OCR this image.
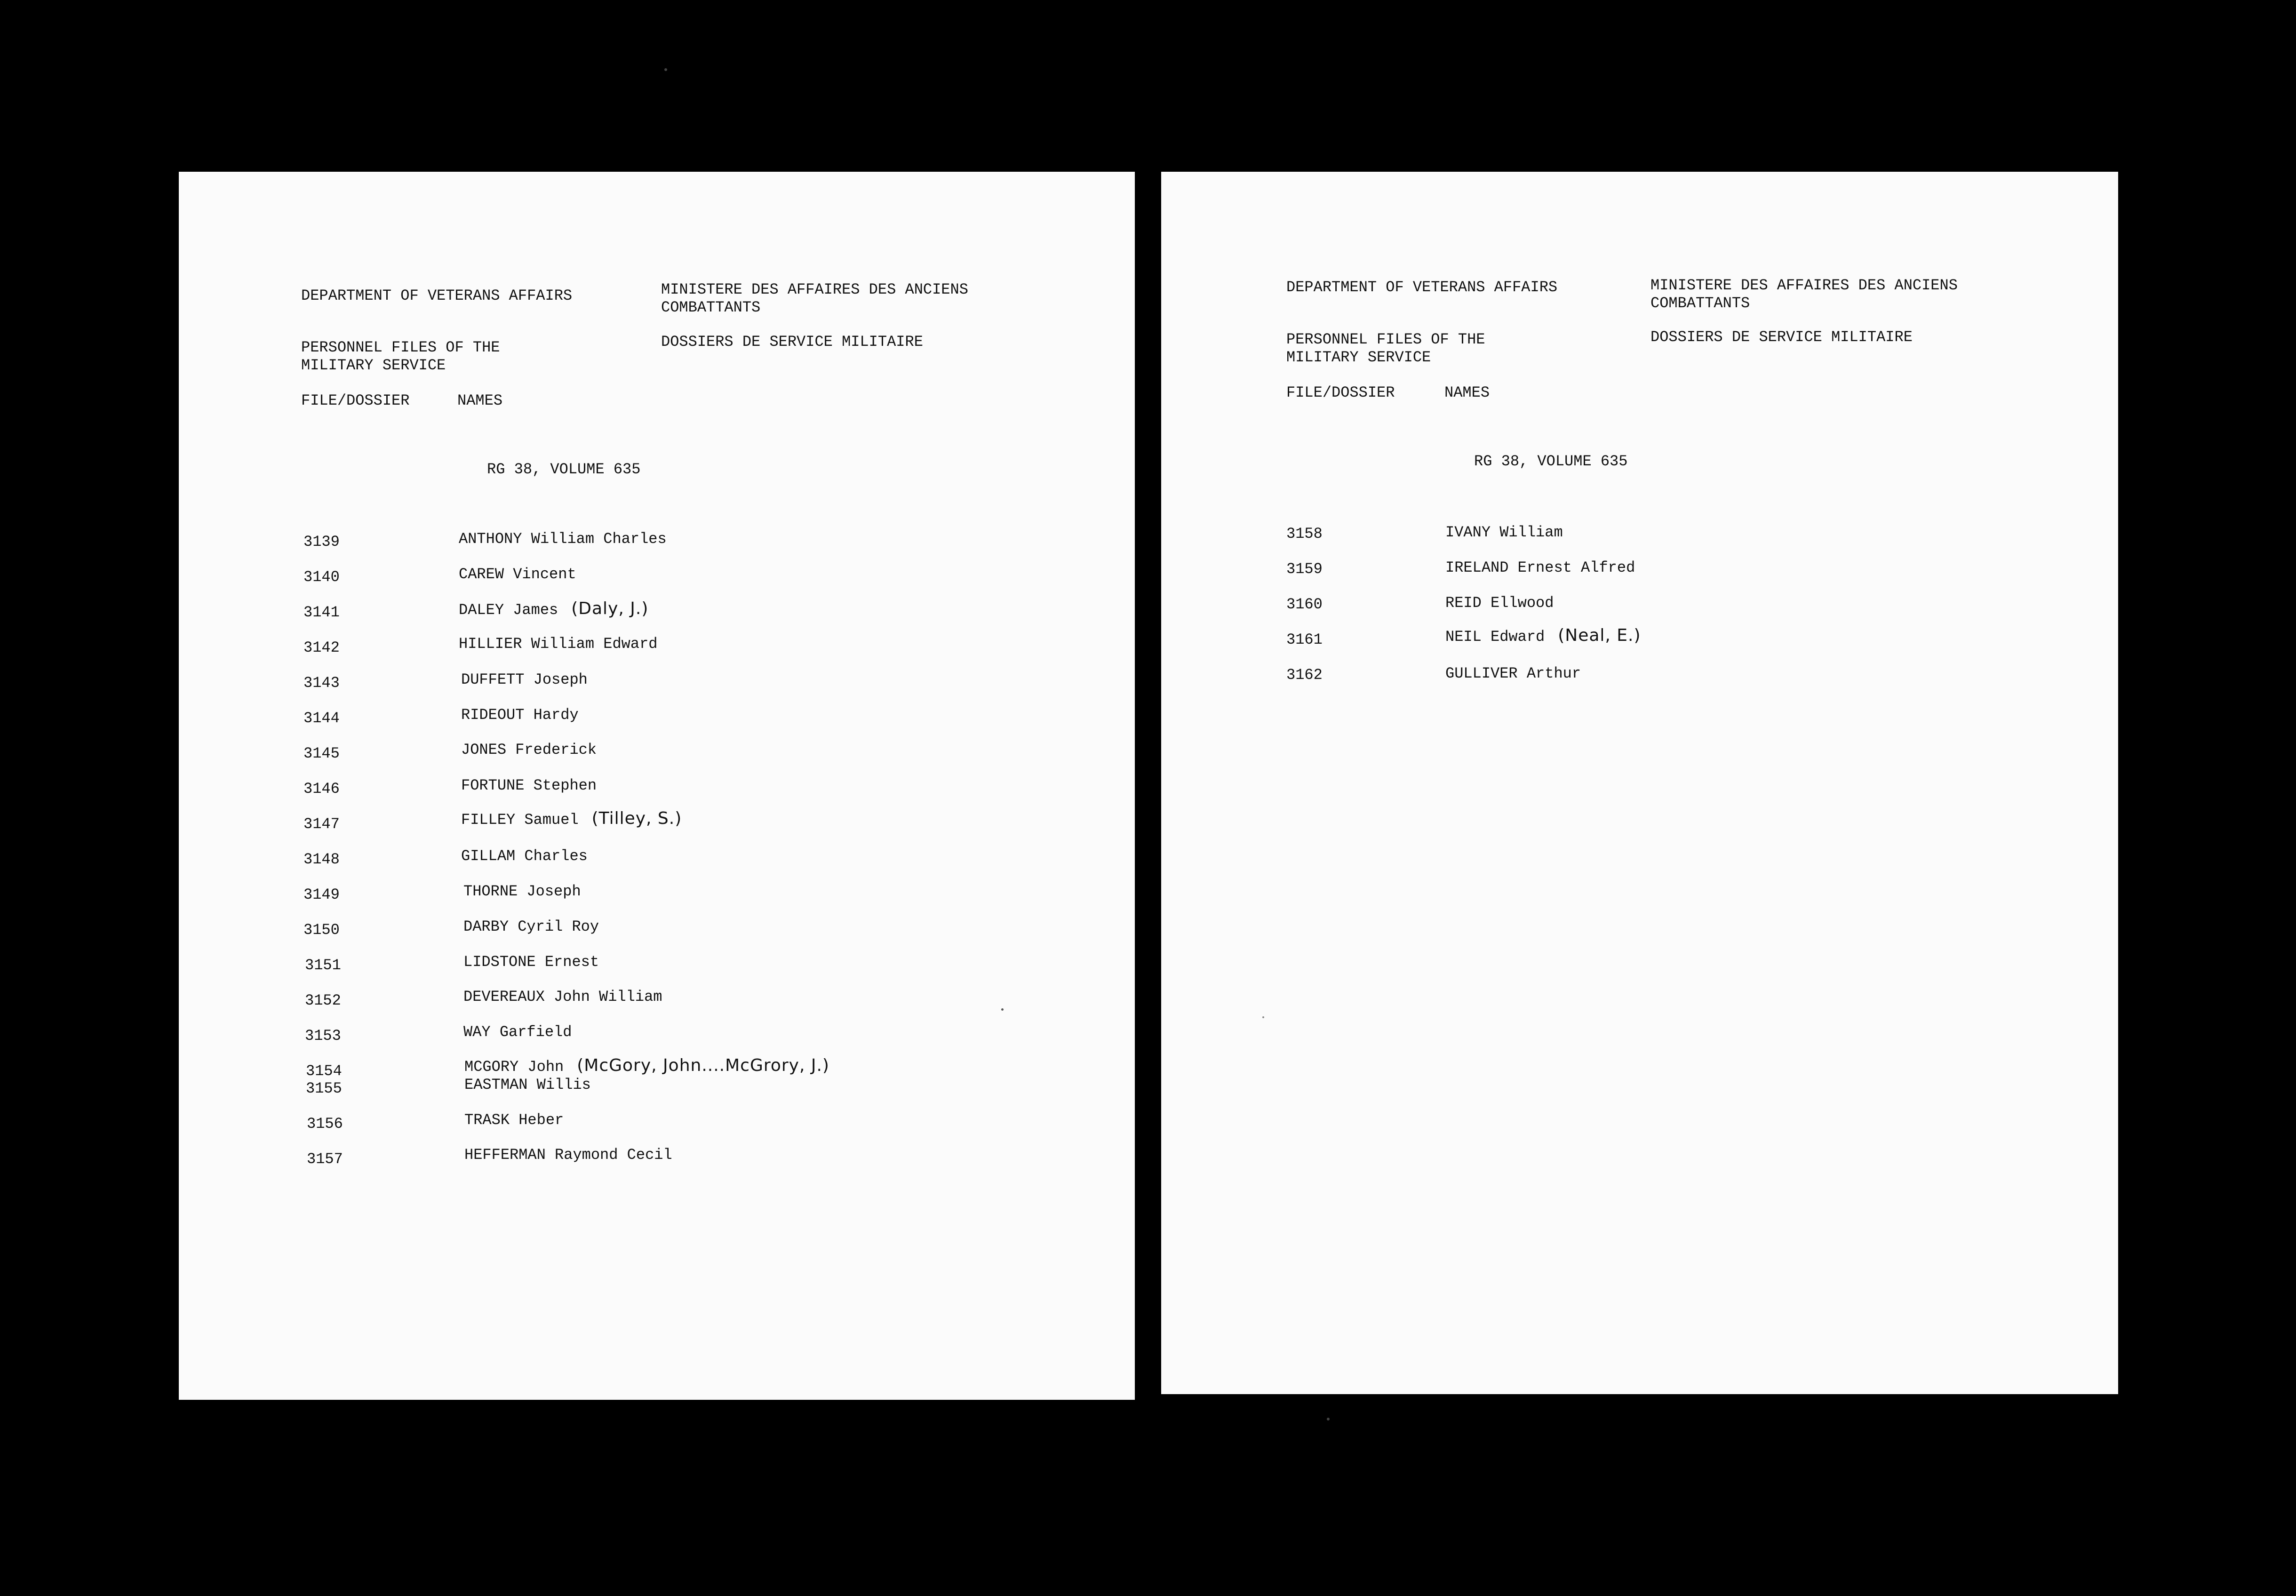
DEPARTMENT OF VETERANS AFFAIRS	MINISTERE DES AFFAIRES DES ANCIENS
COMBATTANTS
PERSONNEL FILES OF THE
MILITARY SERVICE
DOSSIERS DE SERVICE MILITAIRE
FILE/DOSSIER	NAMES
RG 38, VOLUME 635
3139	ANTHONY William Charles
3140	CAREW Vincent
3141	DALEY James (Daly, J.)
3142	HILLIER William Edward
3143	DUFFETT Joseph
3144	RIDEOUT Hardy
3145	JONES Frederick
3146	FORTUNE Stephen
3147	FILLEY Samuel (Tilley, S.)
3148	GILLAM Charles
3149	THORNE Joseph
3150	DARBY Cyril Roy
3151	LIDSTONE Ernest
3152	DEVEREAUX John William
3153	WAY Garfield
3154	MCGORY John (McGory, John....McGrory, J.)
3155	EASTMAN Willis
3156	TRASK Heber
3157	HEFFERMAN Raymond Cecil
DEPARTMENT OF VETERANS AFFAIRS	MINISTERE DES AFFAIRES DES ANCIENS
COMBATTANTS
PERSONNEL FILES OF THE
MILITARY SERVICE
DOSSIERS DE SERVICE MILITAIRE
FILE/DOSSIER	NAMES
RG 38, VOLUME 635
3158	IVANY William
3159	IRELAND Ernest Alfred
3160	REID Ellwood
3161	NEIL Edward (Neal, E.)
3162	GULLIVER Arthur
